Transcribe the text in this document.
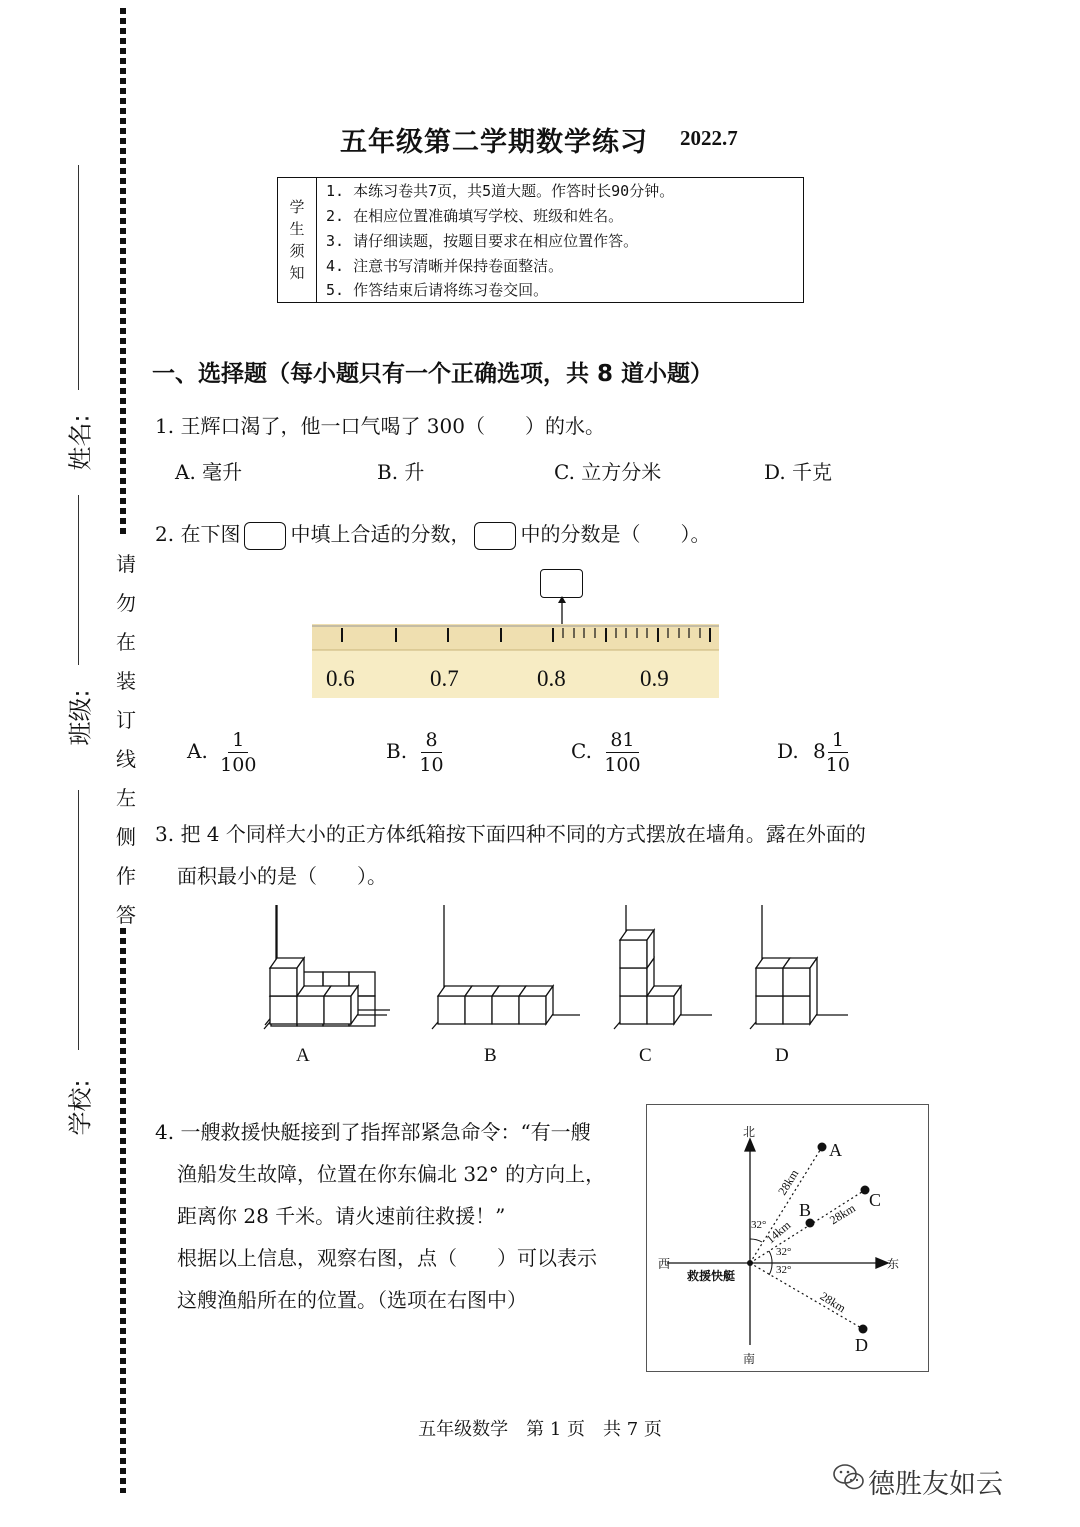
姓名:
班级:
学校:
请
勿
在
装
订
线
左
侧
作
答
五年级第二学期数学练习 2022.7
学
生
须
知
1. 本练习卷共7页，共5道大题。作答时长90分钟。
2. 在相应位置准确填写学校、班级和姓名。
3. 请仔细读题，按题目要求在相应位置作答。
4. 注意书写清晰并保持卷面整洁。
5. 作答结束后请将练习卷交回。
一、选择题（每小题只有一个正确选项，共 8 道小题）
1. 王辉口渴了，他一口气喝了 300（　　）的水。
A. 毫升	B. 升	C. 立方分米	D. 千克
2. 在下图	中填上合适的分数，	中的分数是（　　）。
0.6	0.7	0.8	0.9
A. $\frac{1}{100}$	B. $\frac{8}{10}$	C. $\frac{81}{100}$	D. $8 \frac{1}{10}$
3. 把 4 个同样大小的正方体纸箱按下面四种不同的方式摆放在墙角。露在外面的
面积最小的是（　　）。
A	B	C	D
4. 一艘救援快艇接到了指挥部紧急命令：“有一艘
渔船发生故障，位置在你东偏北 32° 的方向上，
距离你 28 千米。请火速前往救援！”
根据以上信息，观察右图，点（　　）可以表示
这艘渔船所在的位置。（选项在右图中）
北
南
西	东
救援快艇
A
B	C
D
28km
14km
28km
28km
32°
32°
32°
五年级数学　第 1 页　共 7 页
德胜友如云
